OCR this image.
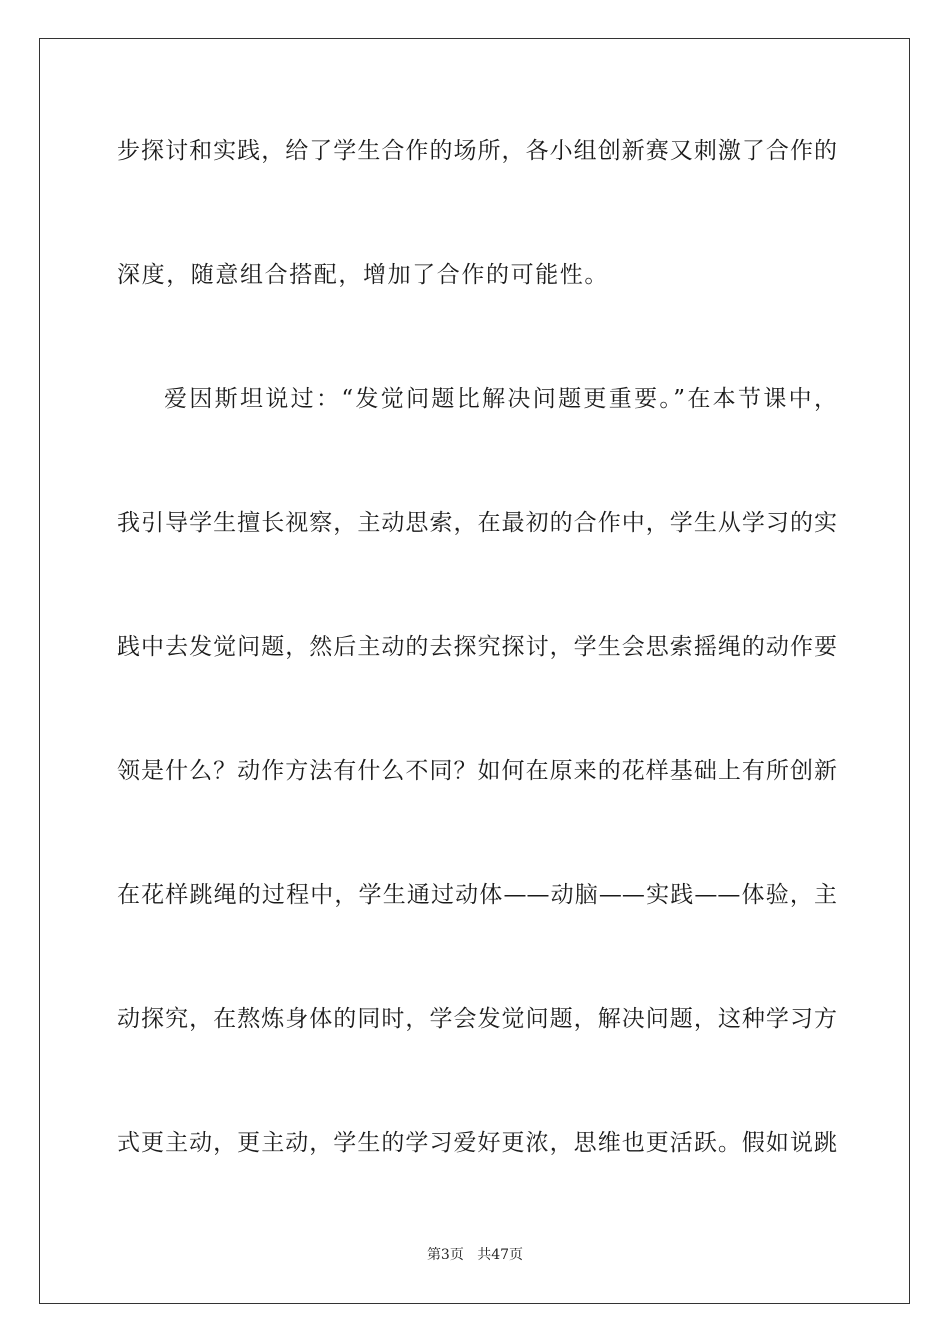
步探讨和实践，给了学生合作的场所，各小组创新赛又刺激了合作的
深度，随意组合搭配，增加了合作的可能性。
爱因斯坦说过：“发觉问题比解决问题更重要。”在本节课中，
我引导学生擅长视察，主动思索，在最初的合作中，学生从学习的实
践中去发觉问题，然后主动的去探究探讨，学生会思索摇绳的动作要
领是什么？动作方法有什么不同？如何在原来的花样基础上有所创新
在花样跳绳的过程中，学生通过动体——动脑——实践——体验，主
动探究，在熬炼身体的同时，学会发觉问题，解决问题，这种学习方
式更主动，更主动，学生的学习爱好更浓，思维也更活跃。假如说跳
第3页 共47页
